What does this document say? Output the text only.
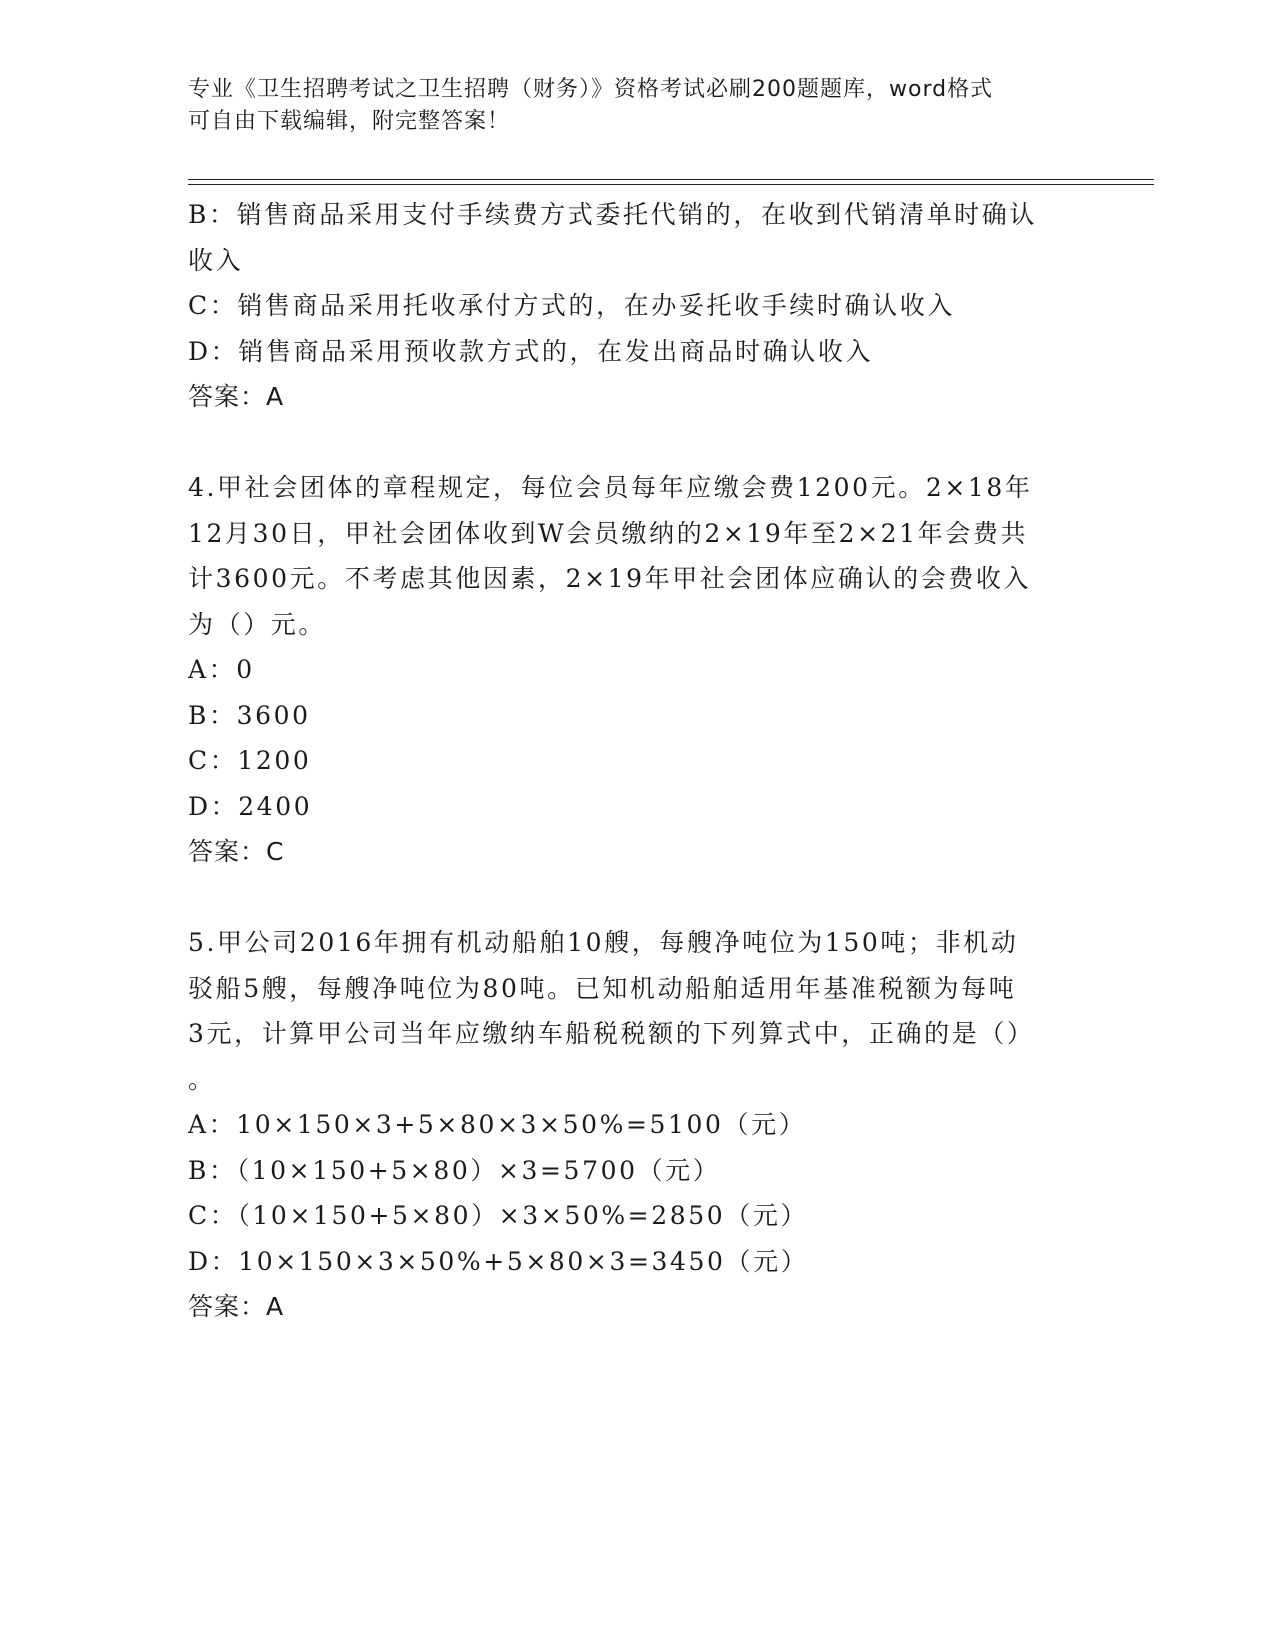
专业《卫生招聘考试之卫生招聘（财务）》资格考试必刷200题题库，word格式
可自由下载编辑，附完整答案！
B：销售商品采用支付手续费方式委托代销的，在收到代销清单时确认
收入
C：销售商品采用托收承付方式的，在办妥托收手续时确认收入
D：销售商品采用预收款方式的，在发出商品时确认收入
答案：A
4.甲社会团体的章程规定，每位会员每年应缴会费1200元。2×18年
12月30日，甲社会团体收到W会员缴纳的2×19年至2×21年会费共
计3600元。不考虑其他因素，2×19年甲社会团体应确认的会费收入
为（）元。
A：0
B：3600
C：1200
D：2400
答案：C
5.甲公司2016年拥有机动船舶10艘，每艘净吨位为150吨；非机动
驳船5艘，每艘净吨位为80吨。已知机动船舶适用年基准税额为每吨
3元，计算甲公司当年应缴纳车船税税额的下列算式中，正确的是（）
。
A：10×150×3+5×80×3×50%=5100（元）
B：（10×150+5×80）×3=5700（元）
C：（10×150+5×80）×3×50%=2850（元）
D：10×150×3×50%+5×80×3=3450（元）
答案：A
